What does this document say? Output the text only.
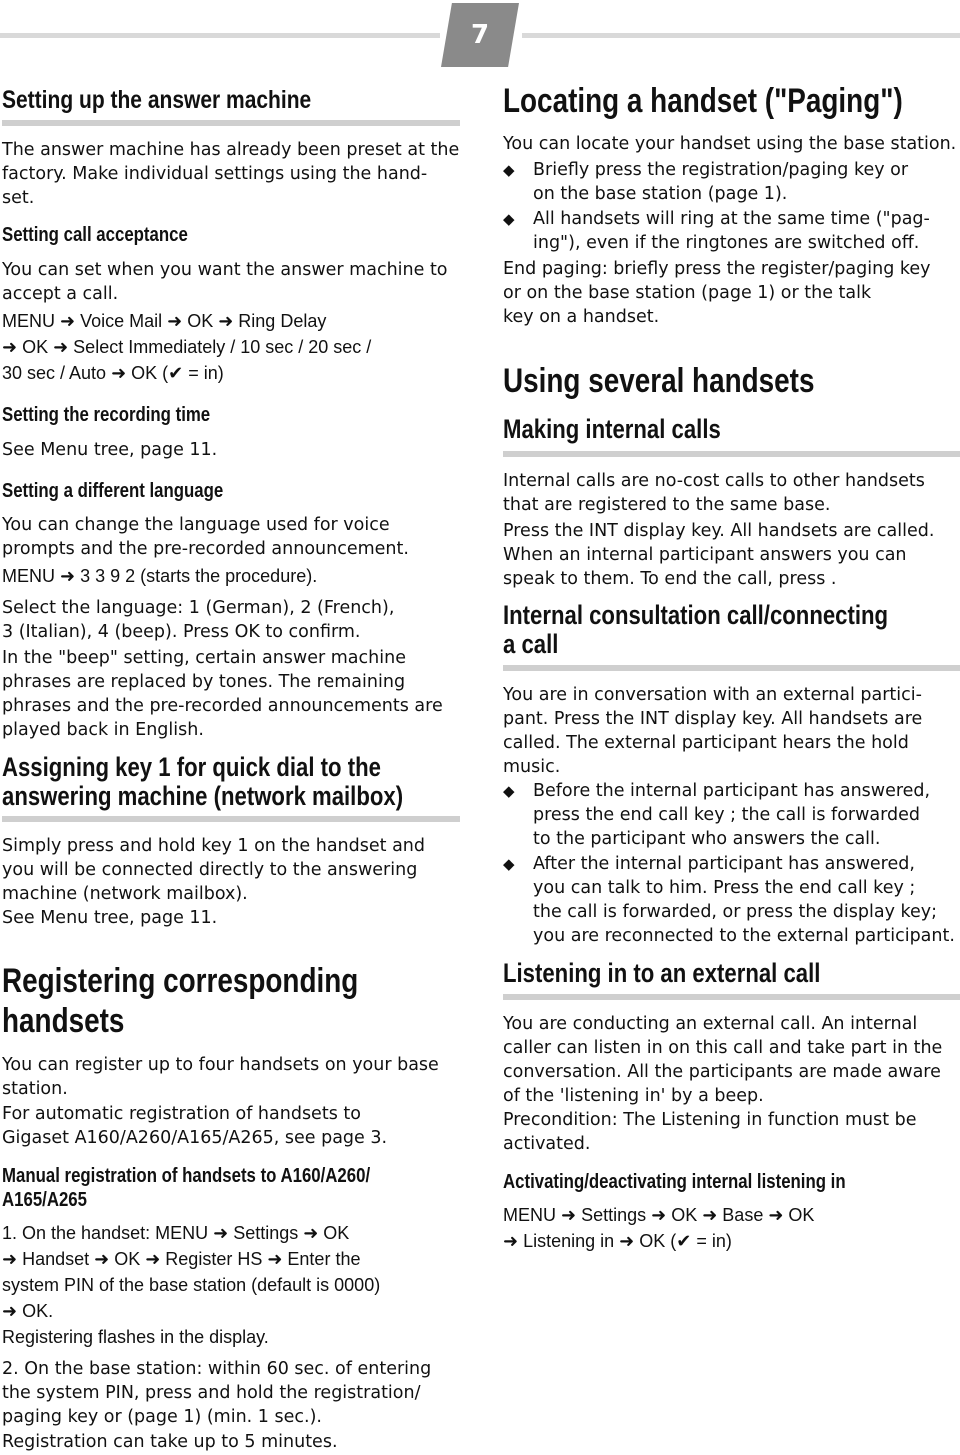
7
Setting up the answer machine
The answer machine has already been preset at the
factory. Make individual settings using the hand-
set.
Setting call acceptance
You can set when you want the answer machine to
accept a call.
MENU ➜ Voice Mail ➜ OK ➜ Ring Delay
➜ OK ➜ Select Immediately / 10 sec / 20 sec /
30 sec / Auto ➜ OK (✔ = in)
Setting the recording time
See Menu tree, page 11.
Setting a different language
You can change the language used for voice
prompts and the pre-recorded announcement.
MENU ➜ 3 3 9 2 (starts the procedure).
Select the language: 1 (German), 2 (French),
3 (Italian), 4 (beep). Press OK to confirm.
In the "beep" setting, certain answer machine
phrases are replaced by tones. The remaining
phrases and the pre-recorded announcements are
played back in English.
Assigning key 1 for quick dial to the
answering machine (network mailbox)
Simply press and hold key 1 on the handset and
you will be connected directly to the answering
machine (network mailbox).
See Menu tree, page 11.
Registering corresponding
handsets
You can register up to four handsets on your base
station.
For automatic registration of handsets to
Gigaset A160/A260/A165/A265, see page 3.
Manual registration of handsets to A160/A260/
A165/A265
1. On the handset: MENU ➜ Settings ➜ OK
➜ Handset ➜ OK ➜ Register HS ➜ Enter the
system PIN of the base station (default is 0000)
➜ OK.
Registering flashes in the display.
2. On the base station: within 60 sec. of entering
the system PIN, press and hold the registration/
paging key or (page 1) (min. 1 sec.).
Registration can take up to 5 minutes.
Locating a handset ("Paging")
You can locate your handset using the base station.
◆ Briefly press the registration/paging key or
on the base station (page 1).
◆ All handsets will ring at the same time ("pag-
ing"), even if the ringtones are switched off.
End paging: briefly press the register/paging key
or on the base station (page 1) or the talk
key on a handset.
Using several handsets
Making internal calls
Internal calls are no-cost calls to other handsets
that are registered to the same base.
Press the INT display key. All handsets are called.
When an internal participant answers you can
speak to them. To end the call, press .
Internal consultation call/connecting
a call
You are in conversation with an external partici-
pant. Press the INT display key. All handsets are
called. The external participant hears the hold
music.
◆ Before the internal participant has answered,
press the end call key ; the call is forwarded
to the participant who answers the call.
◆ After the internal participant has answered,
you can talk to him. Press the end call key ;
the call is forwarded, or press the display key;
you are reconnected to the external participant.
Listening in to an external call
You are conducting an external call. An internal
caller can listen in on this call and take part in the
conversation. All the participants are made aware
of the 'listening in' by a beep.
Precondition: The Listening in function must be
activated.
Activating/deactivating internal listening in
MENU ➜ Settings ➜ OK ➜ Base ➜ OK
➜ Listening in ➜ OK (✔ = in)
